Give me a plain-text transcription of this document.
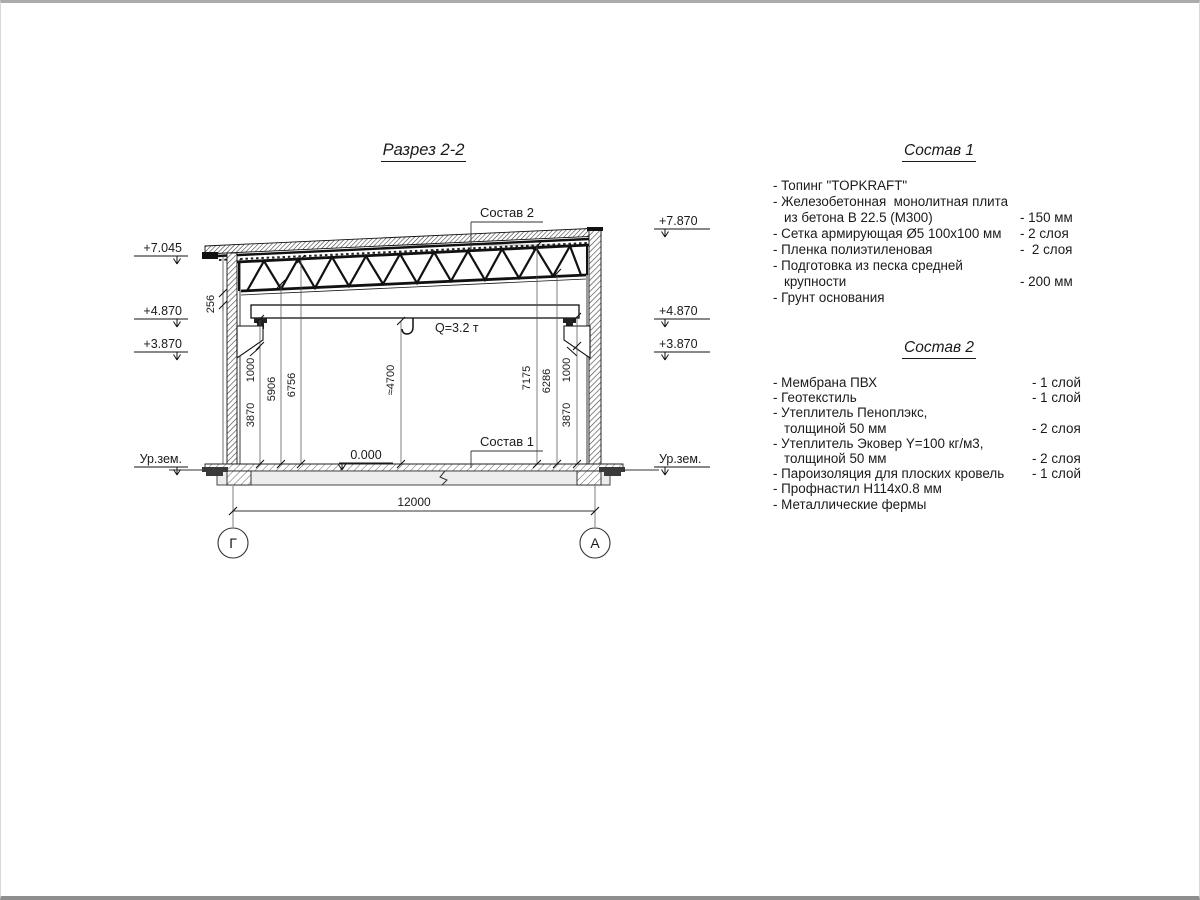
Разрез 2-2
Q=3.2 т
256
3870
1000
5906 6756	≈4700	7175 6286 1000
3870
12000
Г	А
+7.045
+4.870
+3.870
Ур.зем.
+7.870
+4.870
+3.870
Ур.зем.
0.000
Состав 2
Состав 1
Состав 1
- Топинг "TOPKRAFT"
- Железобетонная  монолитная плита
из бетона В 22.5 (М300)	- 150 мм
- Сетка армирующая Ø5 100x100 мм	- 2 слоя
- Пленка полиэтиленовая	-  2 слоя
- Подготовка из песка средней
крупности	- 200 мм
- Грунт основания
Состав 2
- Мембрана ПВХ	- 1 слой
- Геотекстиль	- 1 слой
- Утеплитель Пеноплэкс,
толщиной 50 мм	- 2 слоя
- Утеплитель Эковер Y=100 кг/м3,
толщиной 50 мм	- 2 слоя
- Пароизоляция для плоских кровель	- 1 слой
- Профнастил Н114х0.8 мм
- Металлические фермы
